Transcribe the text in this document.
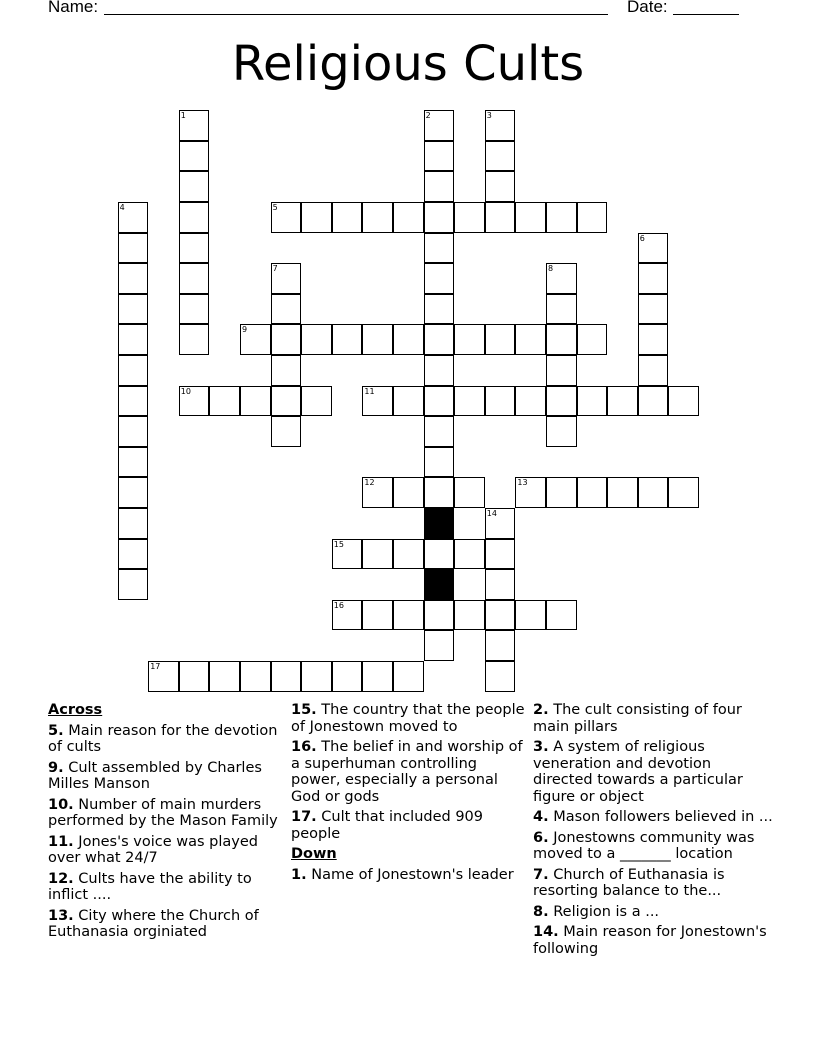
Name:	Date:
Religious Cults
5
9
10	11
12	13
15
16
17
1	2	3
4
6
7	8
14
Across
5. Main reason for the devotion of cults
9. Cult assembled by Charles Milles Manson
10. Number of main murders performed by the Mason Family
11. Jones's voice was played over what 24/7
12. Cults have the ability to inflict ....
13. City where the Church of Euthanasia orginiated
15. The country that the people of Jonestown moved to
16. The belief in and worship of a superhuman controlling power, especially a personal God or gods
17. Cult that included 909 people
Down
1. Name of Jonestown's leader
2. The cult consisting of four main pillars
3. A system of religious veneration and devotion directed towards a particular figure or object
4. Mason followers believed in ...
6. Jonestowns community was moved to a _______ location
7. Church of Euthanasia is resorting balance to the...
8. Religion is a ...
14. Main reason for Jonestown's following
